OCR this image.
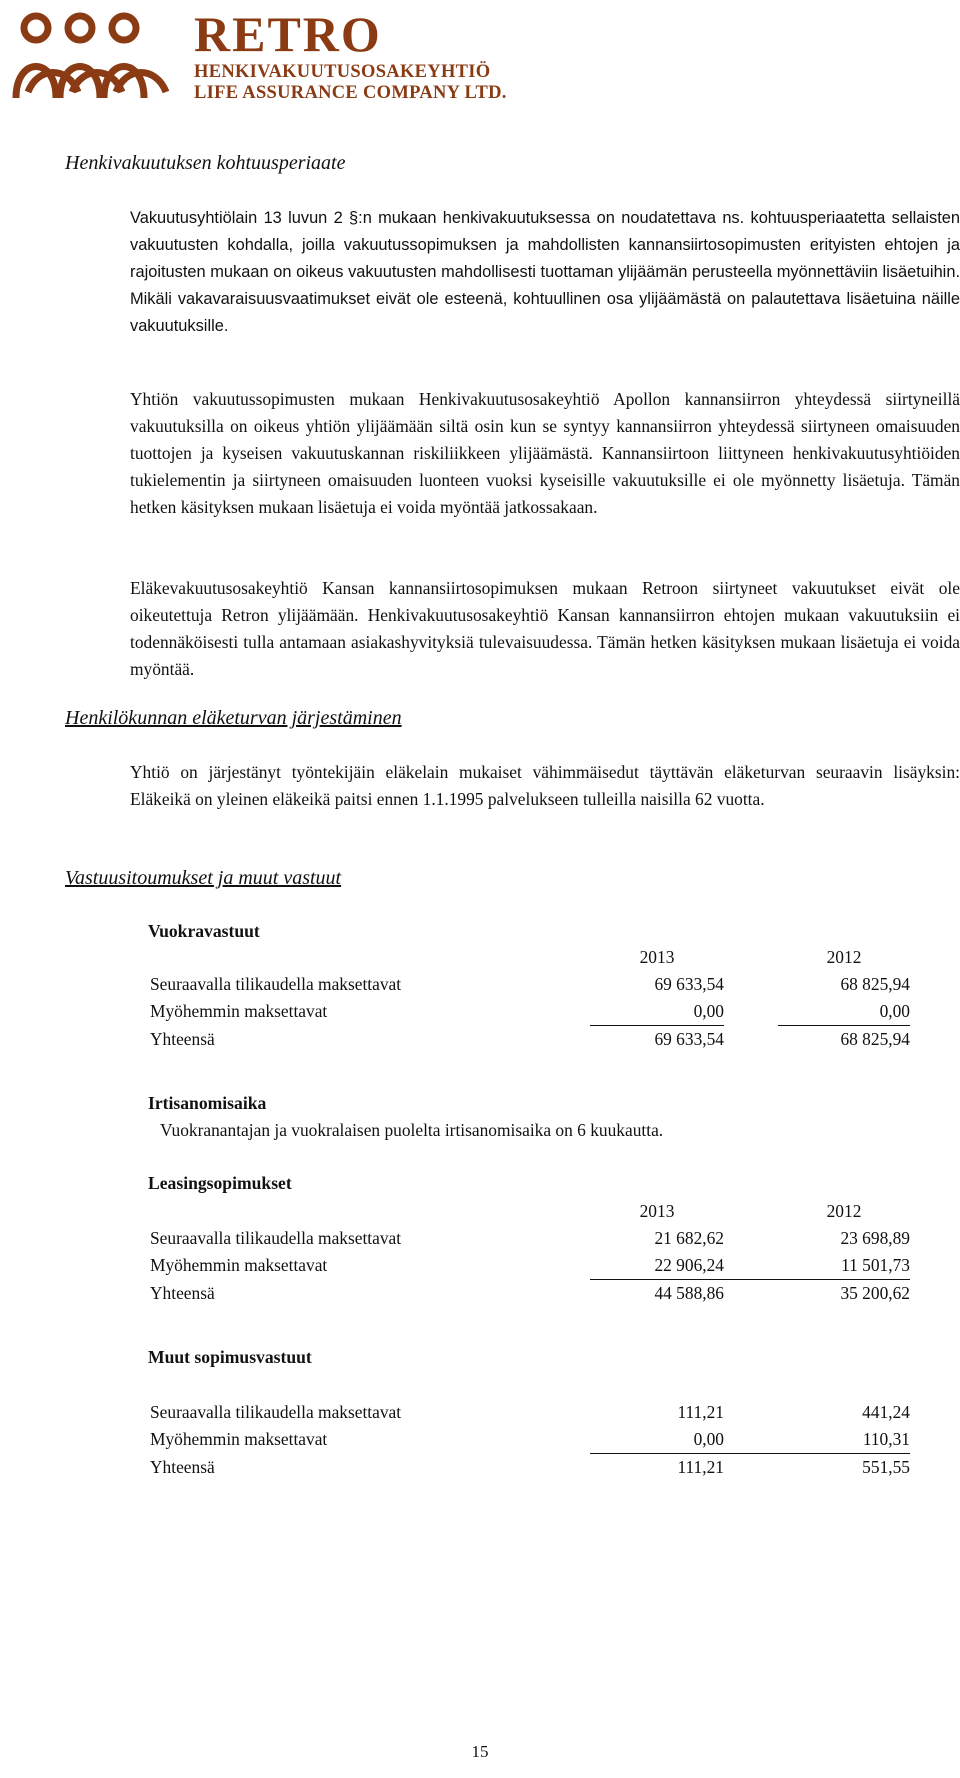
RETRO
HENKIVAKUUTUSOSAKEYHTIÖ
LIFE ASSURANCE COMPANY LTD.
Henkivakuutuksen kohtuusperiaate
Vakuutusyhtiölain 13 luvun 2 §:n mukaan henkivakuutuksessa on noudatettava ns. kohtuusperiaatetta sellaisten vakuutusten kohdalla, joilla vakuutussopimuksen ja mahdollisten kannansiirtosopimusten erityisten ehtojen ja rajoitusten mukaan on oikeus vakuutusten mahdollisesti tuottaman ylijäämän perusteella myönnettäviin lisäetuihin. Mikäli vakavaraisuusvaatimukset eivät ole esteenä, kohtuullinen osa ylijäämästä on palautettava lisäetuina näille vakuutuksille.
Yhtiön vakuutussopimusten mukaan Henkivakuutusosakeyhtiö Apollon kannansiirron yhteydessä siirtyneillä vakuutuksilla on oikeus yhtiön ylijäämään siltä osin kun se syntyy kannansiirron yhteydessä siirtyneen omaisuuden tuottojen ja kyseisen vakuutuskannan riskiliikkeen ylijäämästä. Kannansiirtoon liittyneen henkivakuutusyhtiöiden tukielementin ja siirtyneen omaisuuden luonteen vuoksi kyseisille vakuutuksille ei ole myönnetty lisäetuja. Tämän hetken käsityksen mukaan lisäetuja ei voida myöntää jatkossakaan.
Eläkevakuutusosakeyhtiö Kansan kannansiirtosopimuksen mukaan Retroon siirtyneet vakuutukset eivät ole oikeutettuja Retron ylijäämään. Henkivakuutusosakeyhtiö Kansan kannansiirron ehtojen mukaan vakuutuksiin ei todennäköisesti tulla antamaan asiakashyvityksiä tulevaisuudessa. Tämän hetken käsityksen mukaan lisäetuja ei voida myöntää.
Henkilökunnan eläketurvan järjestäminen
Yhtiö on järjestänyt työntekijäin eläkelain mukaiset vähimmäisedut täyttävän eläketurvan seuraavin lisäyksin: Eläkeikä on yleinen eläkeikä paitsi ennen 1.1.1995 palvelukseen tulleilla naisilla 62 vuotta.
Vastuusitoumukset ja muut vastuut
Vuokravastuut
	2013		2012
Seuraavalla tilikaudella maksettavat	69 633,54		68 825,94
Myöhemmin maksettavat	0,00		0,00
Yhteensä	69 633,54		68 825,94
Irtisanomisaika
Vuokranantajan ja vuokralaisen puolelta irtisanomisaika on 6 kuukautta.
Leasingsopimukset
	2013		2012
Seuraavalla tilikaudella maksettavat	21 682,62		23 698,89
Myöhemmin maksettavat	22 906,24		11 501,73
Yhteensä	44 588,86		35 200,62
Muut sopimusvastuut
Seuraavalla tilikaudella maksettavat	111,21		441,24
Myöhemmin maksettavat	0,00		110,31
Yhteensä	111,21		551,55
15
